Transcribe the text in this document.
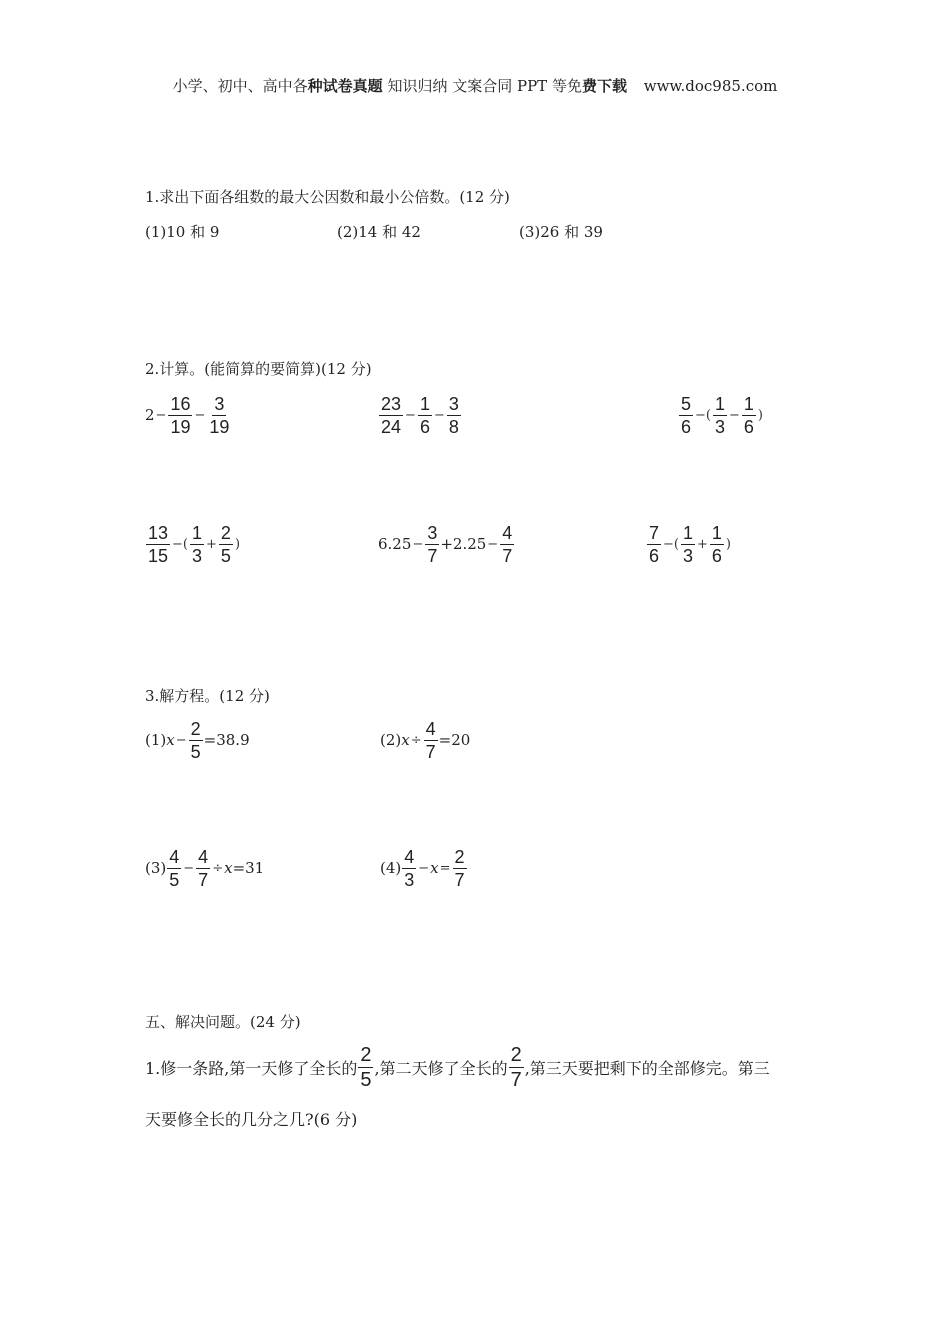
小学、初中、高中各种试卷真题 知识归纳 文案合同 PPT 等免费下载 www.doc985.com
1.求出下面各组数的最大公因数和最小公倍数。(12 分)
(1)10 和 9	(2)14 和 42	(3)26 和 39
2.计算。(能简算的要简算)(12 分)
$2 - \frac{16}{19} - \frac{3}{19}$	$\frac{23}{24} - \frac{1}{6} - \frac{3}{8}$	$\frac{5}{6}$ −( $\frac{1}{3} - \frac{1}{6}$ )
$\frac{13}{15}$ −( $\frac{1}{3} + \frac{2}{5}$ )	$6.25 - \frac{3}{7} +2.25 - \frac{4}{7}$	$\frac{7}{6}$ −( $\frac{1}{3} + \frac{1}{6}$ )
3.解方程。(12 分)
(1) $x - \frac{2}{5} =38.9$	(2) $x \div \frac{4}{7} =20$
$(3) \frac{4}{5} - \frac{4}{7} \div x =31$	$(4) \frac{4}{3} - x = \frac{2}{7}$
五、解决问题。(24 分)
1.修一条路,第一天修了全长的 $\frac{2}{5}$ ,第二天修了全长的 $\frac{2}{7}$ ,第三天要把剩下的全部修完。第三
天要修全长的几分之几?(6 分)
